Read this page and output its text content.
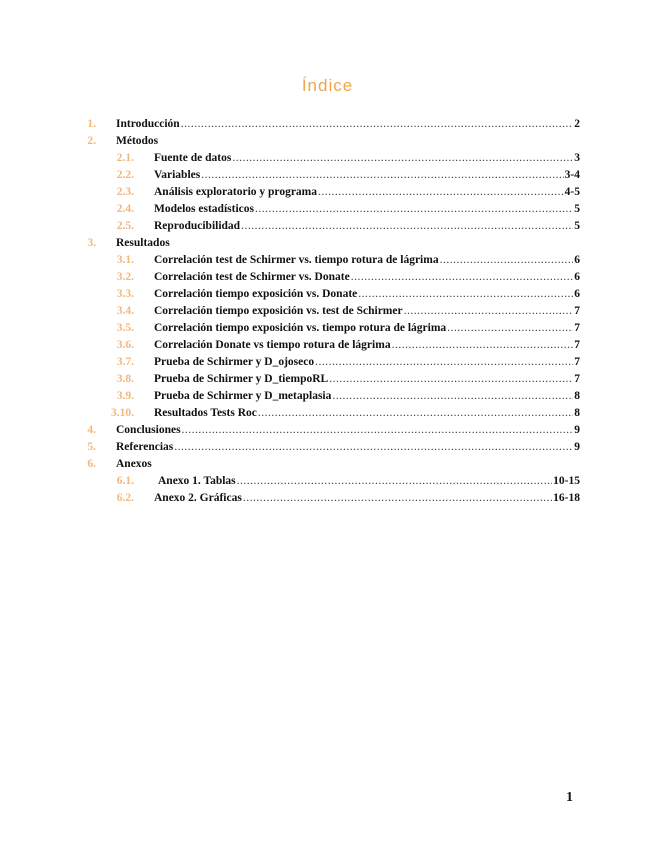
Índice
1. Introducción .....	2
2. Métodos
2.1. Fuente de datos .....	3
2.2. Variables .....	3-4
2.3. Análisis exploratorio y programa .....	4-5
2.4. Modelos estadísticos .....	5
2.5. Reproducibilidad .....	5
3. Resultados
3.1. Correlación test de Schirmer vs. tiempo rotura de lágrima .....	6
3.2. Correlación test de Schirmer vs. Donate .....	6
3.3. Correlación tiempo exposición vs. Donate .....	6
3.4. Correlación tiempo exposición vs. test de Schirmer .....	7
3.5. Correlación tiempo exposición vs. tiempo rotura de lágrima .....	7
3.6. Correlación Donate vs tiempo rotura de lágrima .....	7
3.7. Prueba de Schirmer y D_ojoseco .....	7
3.8. Prueba de Schirmer y D_tiempoRL .....	7
3.9. Prueba de Schirmer y D_metaplasia .....	8
3.10. Resultados Tests Roc .....	8
4. Conclusiones .....	9
5. Referencias .....	9
6. Anexos
6.1. Anexo 1. Tablas .....	10-15
6.2. Anexo 2. Gráficas .....	16-18
1
